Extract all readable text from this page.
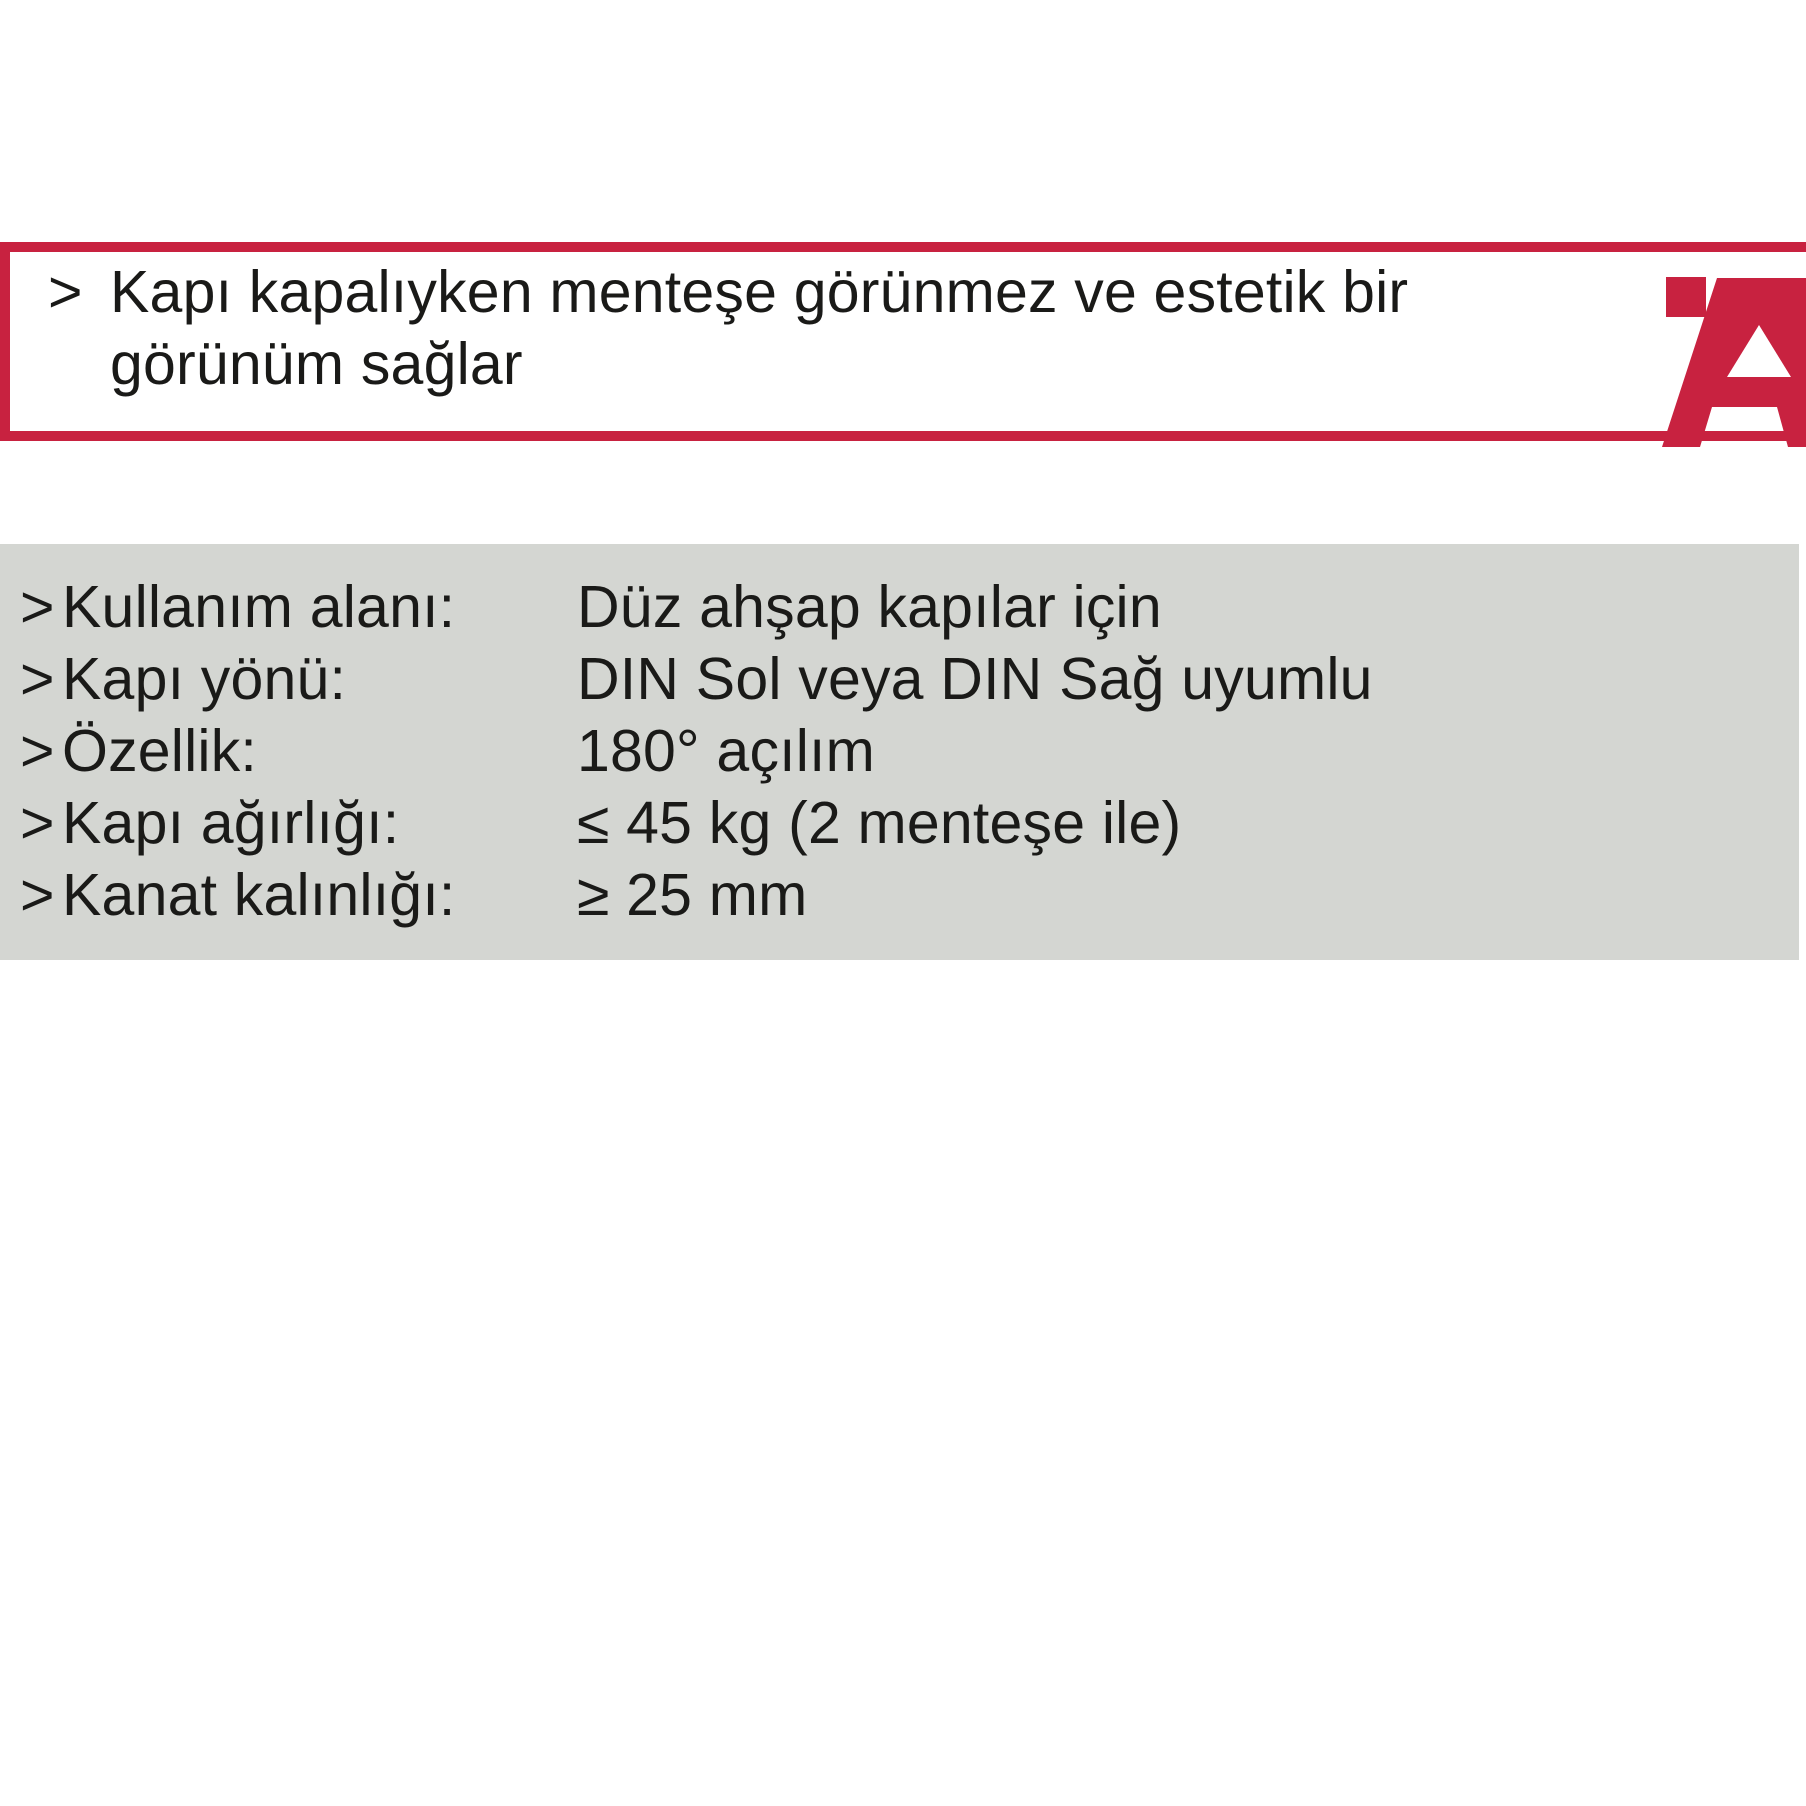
> Kapı kapalıyken menteşe görünmez ve estetik bir görünüm sağlar
> Kullanım alanı:	Düz ahşap kapılar için
> Kapı yönü:	DIN Sol veya DIN Sağ uyumlu
> Özellik:	180° açılım
> Kapı ağırlığı:	≤ 45 kg (2 menteşe ile)
> Kanat kalınlığı:	≥ 25 mm
